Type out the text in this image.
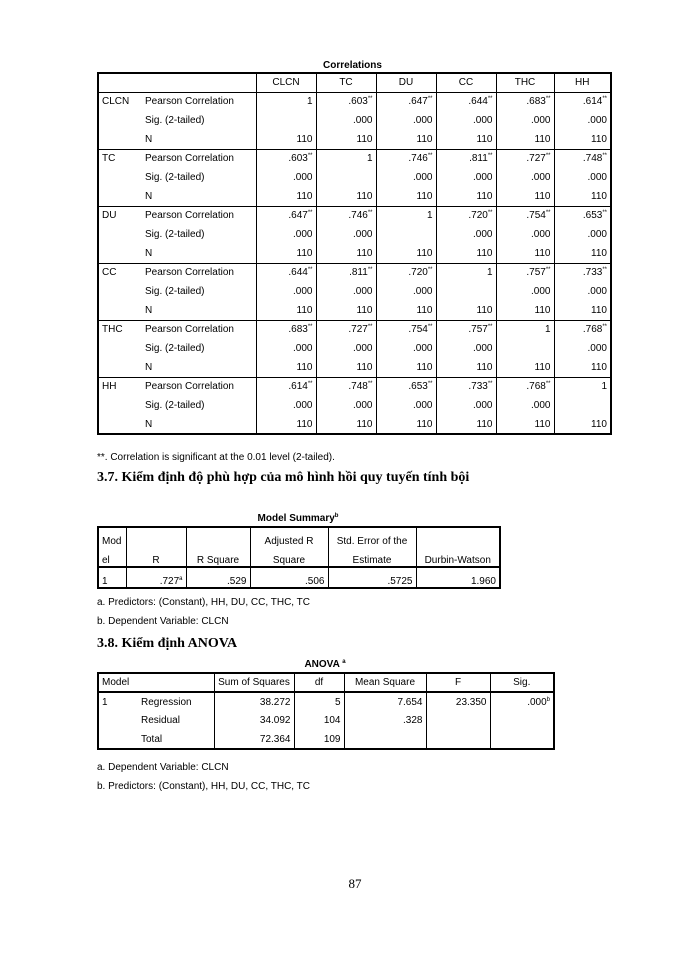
Correlations
		CLCN	TC	DU	CC	THC	HH
CLCN	Pearson Correlation	1	.603**	.647**	.644**	.683**	.614**
	Sig. (2-tailed)		.000	.000	.000	.000	.000
	N	110	110	110	110	110	110
TC	Pearson Correlation	.603**	1	.746**	.811**	.727**	.748**
	Sig. (2-tailed)	.000		.000	.000	.000	.000
	N	110	110	110	110	110	110
DU	Pearson Correlation	.647**	.746**	1	.720**	.754**	.653**
	Sig. (2-tailed)	.000	.000		.000	.000	.000
	N	110	110	110	110	110	110
CC	Pearson Correlation	.644**	.811**	.720**	1	.757**	.733**
	Sig. (2-tailed)	.000	.000	.000		.000	.000
	N	110	110	110	110	110	110
THC	Pearson Correlation	.683**	.727**	.754**	.757**	1	.768**
	Sig. (2-tailed)	.000	.000	.000	.000		.000
	N	110	110	110	110	110	110
HH	Pearson Correlation	.614**	.748**	.653**	.733**	.768**	1
	Sig. (2-tailed)	.000	.000	.000	.000	.000	
	N	110	110	110	110	110	110
**. Correlation is significant at the 0.01 level (2-tailed).
3.7. Kiểm định độ phù hợp của mô hình hồi quy tuyến tính bội
Model Summary$^b$
Mod			Adjusted R	Std. Error of the	
el	R	R Square	Square	Estimate	Durbin-Watson
1	.727$^a$	.529	.506	.5725	1.960
a. Predictors: (Constant), HH, DU, CC, THC, TC
b. Dependent Variable: CLCN
3.8. Kiểm định ANOVA
ANOVA $^a$
Model		Sum of Squares	df	Mean Square	F	Sig.
1	Regression	38.272	5	7.654	23.350	.000$^b$
	Residual	34.092	104	.328		
	Total	72.364	109			
a. Dependent Variable: CLCN
b. Predictors: (Constant), HH, DU, CC, THC, TC
87
